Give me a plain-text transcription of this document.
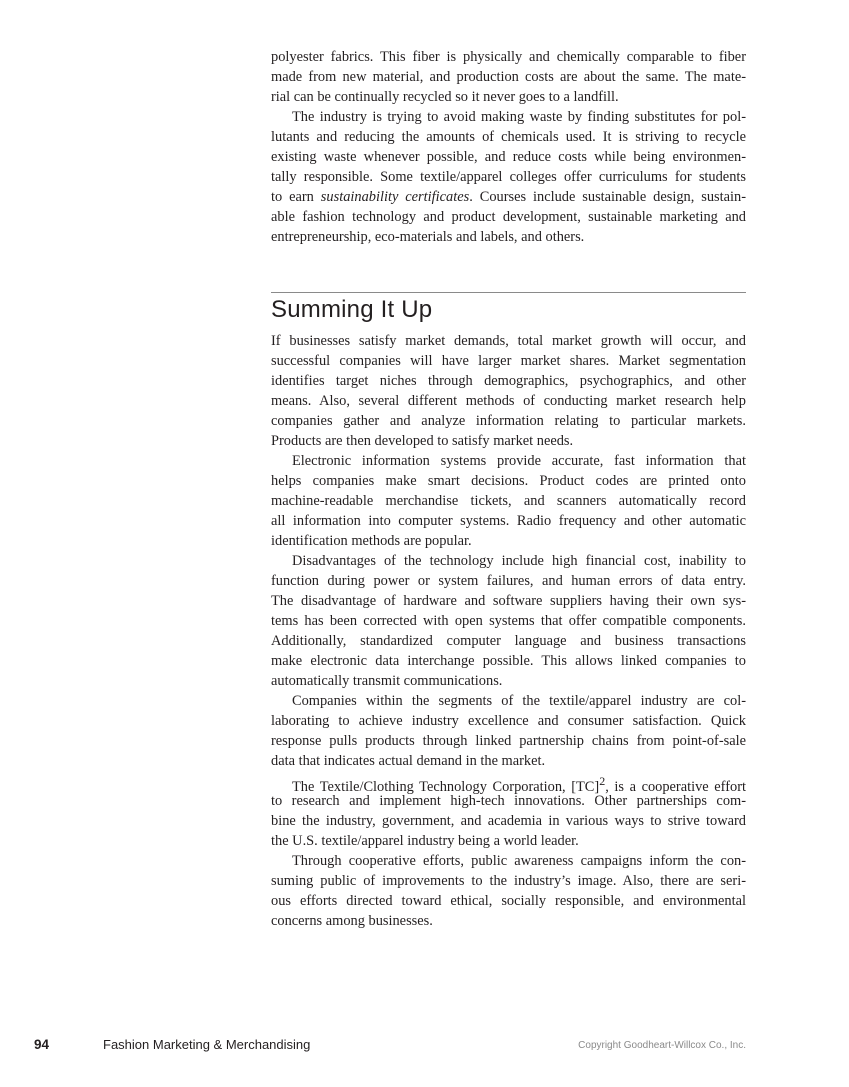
polyester fabrics. This fiber is physically and chemically comparable to fiber
made from new material, and production costs are about the same. The mate-
rial can be continually recycled so it never goes to a landfill.
The industry is trying to avoid making waste by finding substitutes for pol-
lutants and reducing the amounts of chemicals used. It is striving to recycle
existing waste whenever possible, and reduce costs while being environmen-
tally responsible. Some textile/apparel colleges offer curriculums for students
to earn sustainability certificates. Courses include sustainable design, sustain-
able fashion technology and product development, sustainable marketing and
entrepreneurship, eco-materials and labels, and others.
Summing It Up
If businesses satisfy market demands, total market growth will occur, and
successful companies will have larger market shares. Market segmentation
identifies target niches through demographics, psychographics, and other
means. Also, several different methods of conducting market research help
companies gather and analyze information relating to particular markets.
Products are then developed to satisfy market needs.
Electronic information systems provide accurate, fast information that
helps companies make smart decisions. Product codes are printed onto
machine-readable merchandise tickets, and scanners automatically record
all information into computer systems. Radio frequency and other automatic
identification methods are popular.
Disadvantages of the technology include high financial cost, inability to
function during power or system failures, and human errors of data entry.
The disadvantage of hardware and software suppliers having their own sys-
tems has been corrected with open systems that offer compatible components.
Additionally, standardized computer language and business transactions
make electronic data interchange possible. This allows linked companies to
automatically transmit communications.
Companies within the segments of the textile/apparel industry are col-
laborating to achieve industry excellence and consumer satisfaction. Quick
response pulls products through linked partnership chains from point-of-sale
data that indicates actual demand in the market.
The Textile/Clothing Technology Corporation, [TC]$^2$, is a cooperative effort
to research and implement high-tech innovations. Other partnerships com-
bine the industry, government, and academia in various ways to strive toward
the U.S. textile/apparel industry being a world leader.
Through cooperative efforts, public awareness campaigns inform the con-
suming public of improvements to the industry’s image. Also, there are seri-
ous efforts directed toward ethical, socially responsible, and environmental
concerns among businesses.
94	Fashion Marketing & Merchandising	Copyright Goodheart-Willcox Co., Inc.
